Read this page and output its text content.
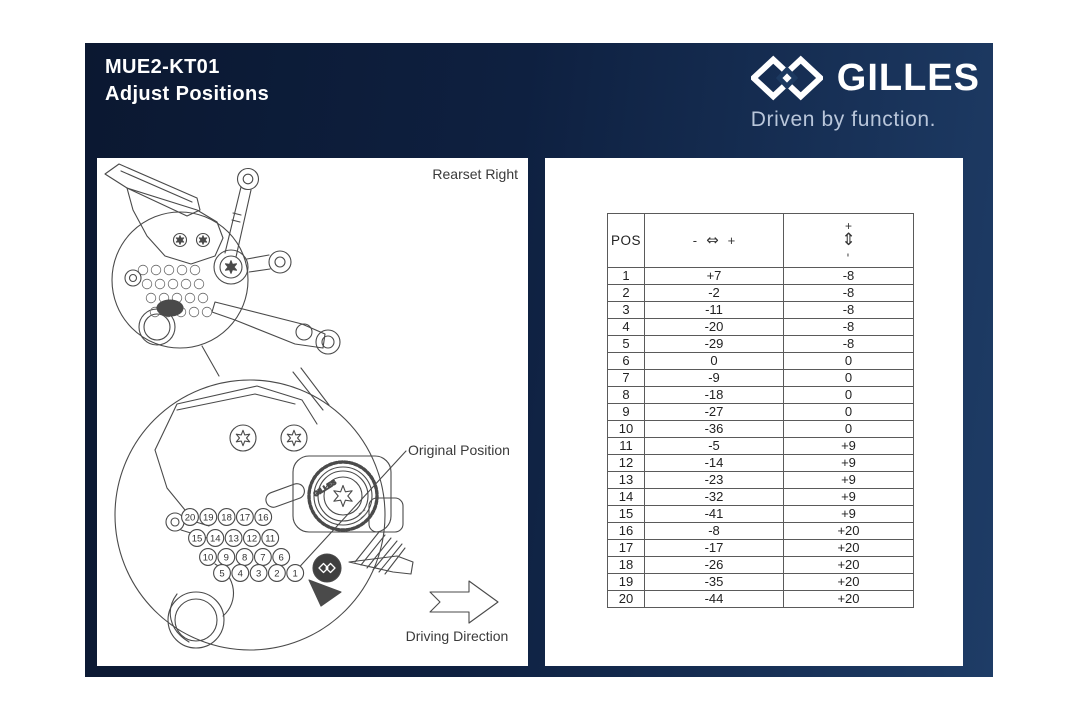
MUE2-KT01
Adjust Positions	GILLES
Driven by function.
GILLES
20 19 18 17 16
15 14 13 12 11
10 9 8 7 6
5 4 3 2 1
Rearset Right
Original Position
Driving Direction
POS	- ⇔ +	+
⇕
-

1	+7	-8
2	-2	-8
3	-11	-8
4	-20	-8
5	-29	-8
6	0	0
7	-9	0
8	-18	0
9	-27	0
10	-36	0
11	-5	+9
12	-14	+9
13	-23	+9
14	-32	+9
15	-41	+9
16	-8	+20
17	-17	+20
18	-26	+20
19	-35	+20
20	-44	+20
